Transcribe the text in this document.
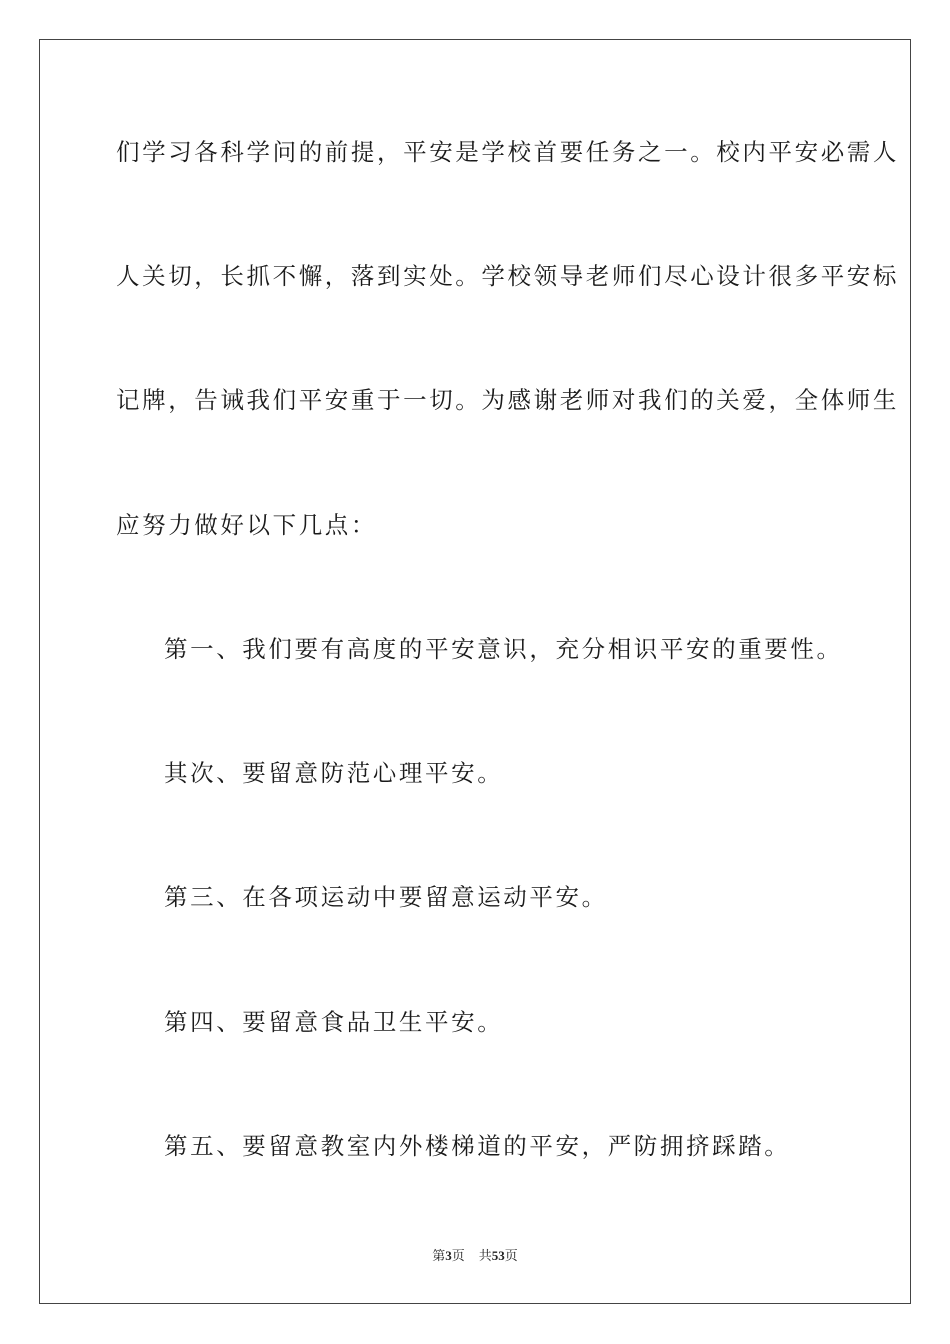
们学习各科学问的前提，平安是学校首要任务之一。校内平安必需人
人关切，长抓不懈，落到实处。学校领导老师们尽心设计很多平安标
记牌，告诫我们平安重于一切。为感谢老师对我们的关爱，全体师生
应努力做好以下几点：
第一、我们要有高度的平安意识，充分相识平安的重要性。
其次、要留意防范心理平安。
第三、在各项运动中要留意运动平安。
第四、要留意食品卫生平安。
第五、要留意教室内外楼梯道的平安，严防拥挤踩踏。
第3页 共53页
